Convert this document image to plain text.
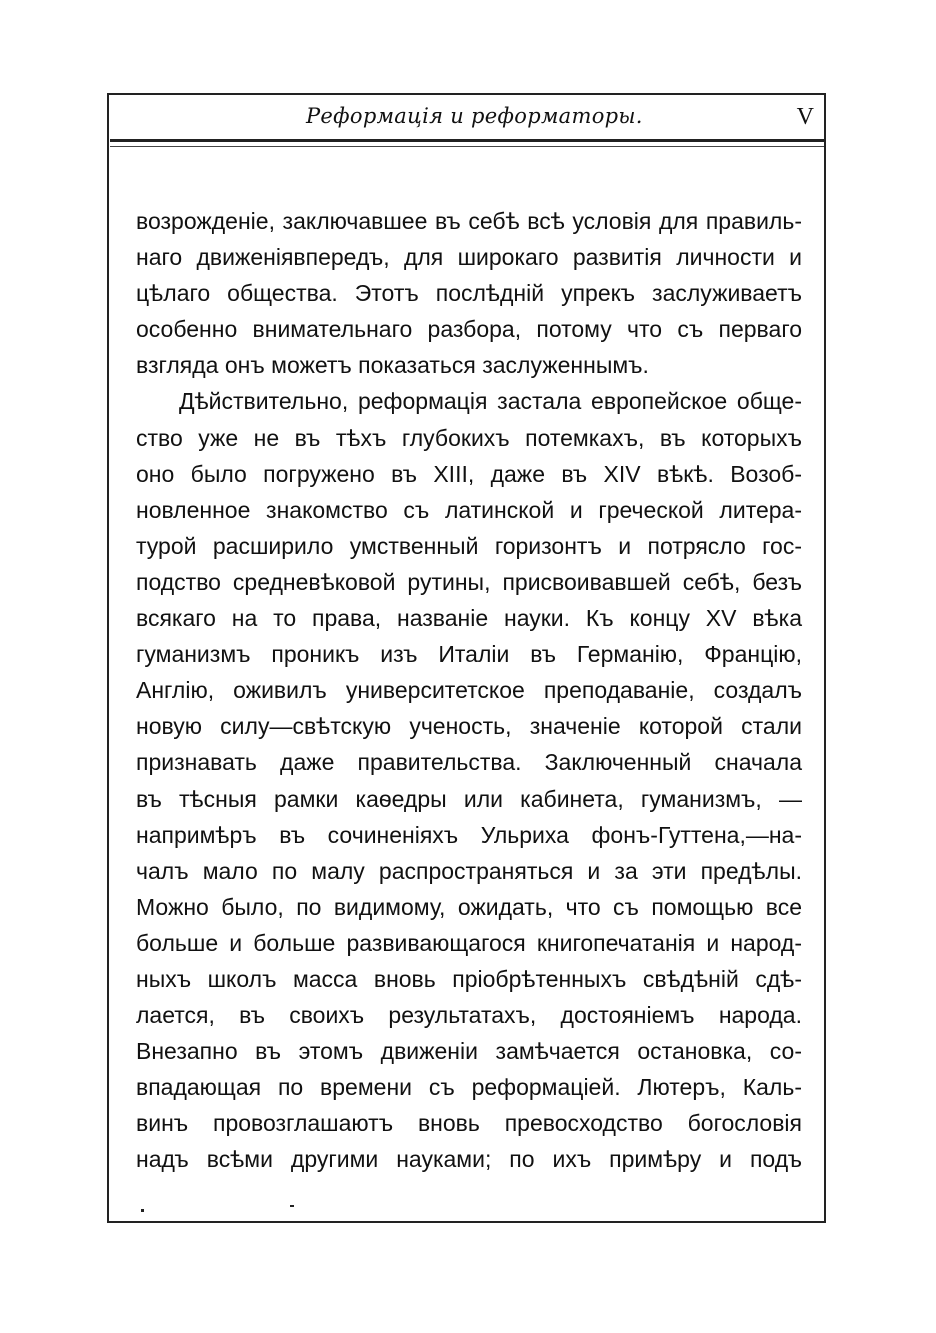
Реформація и реформаторы.	V
возрожденіе, заключавшее въ себѣ всѣ условія для правиль-
наго движеніявпередъ, для широкаго развитія личности и
цѣлаго общества. Этотъ послѣдній упрекъ заслуживаетъ
особенно внимательнаго разбора, потому что съ перваго
взгляда онъ можетъ показаться заслуженнымъ.
Дѣйствительно, реформація застала европейское обще-
ство уже не въ тѣхъ глубокихъ потемкахъ, въ которыхъ
оно было погружено въ XIII, даже въ XIV вѣкѣ. Возоб-
новленное знакомство съ латинской и греческой литера-
турой расширило умственный горизонтъ и потрясло гос-
подство средневѣковой рутины, присвоивавшей себѣ, безъ
всякаго на то права, названіе науки. Къ концу XV вѣка
гуманизмъ проникъ изъ Италіи въ Германію, Францію,
Англію, оживилъ университетское преподаваніе, создалъ
новую силу—свѣтскую ученость, значеніе которой стали
признавать даже правительства. Заключенный сначала
въ тѣсныя рамки каѳедры или кабинета, гуманизмъ, —
напримѣръ въ сочиненіяхъ Ульриха фонъ-Гуттена,—на-
чалъ мало по малу распространяться и за эти предѣлы.
Можно было, по видимому, ожидать, что съ помощью все
больше и больше развивающагося книгопечатанія и народ-
ныхъ школъ масса вновь пріобрѣтенныхъ свѣдѣній сдѣ-
лается, въ своихъ результатахъ, достояніемъ народа.
Внезапно въ этомъ движеніи замѣчается остановка, со-
впадающая по времени съ реформаціей. Лютеръ, Каль-
винъ провозглашаютъ вновь превосходство богословія
надъ всѣми другими науками; по ихъ примѣру и подъ
